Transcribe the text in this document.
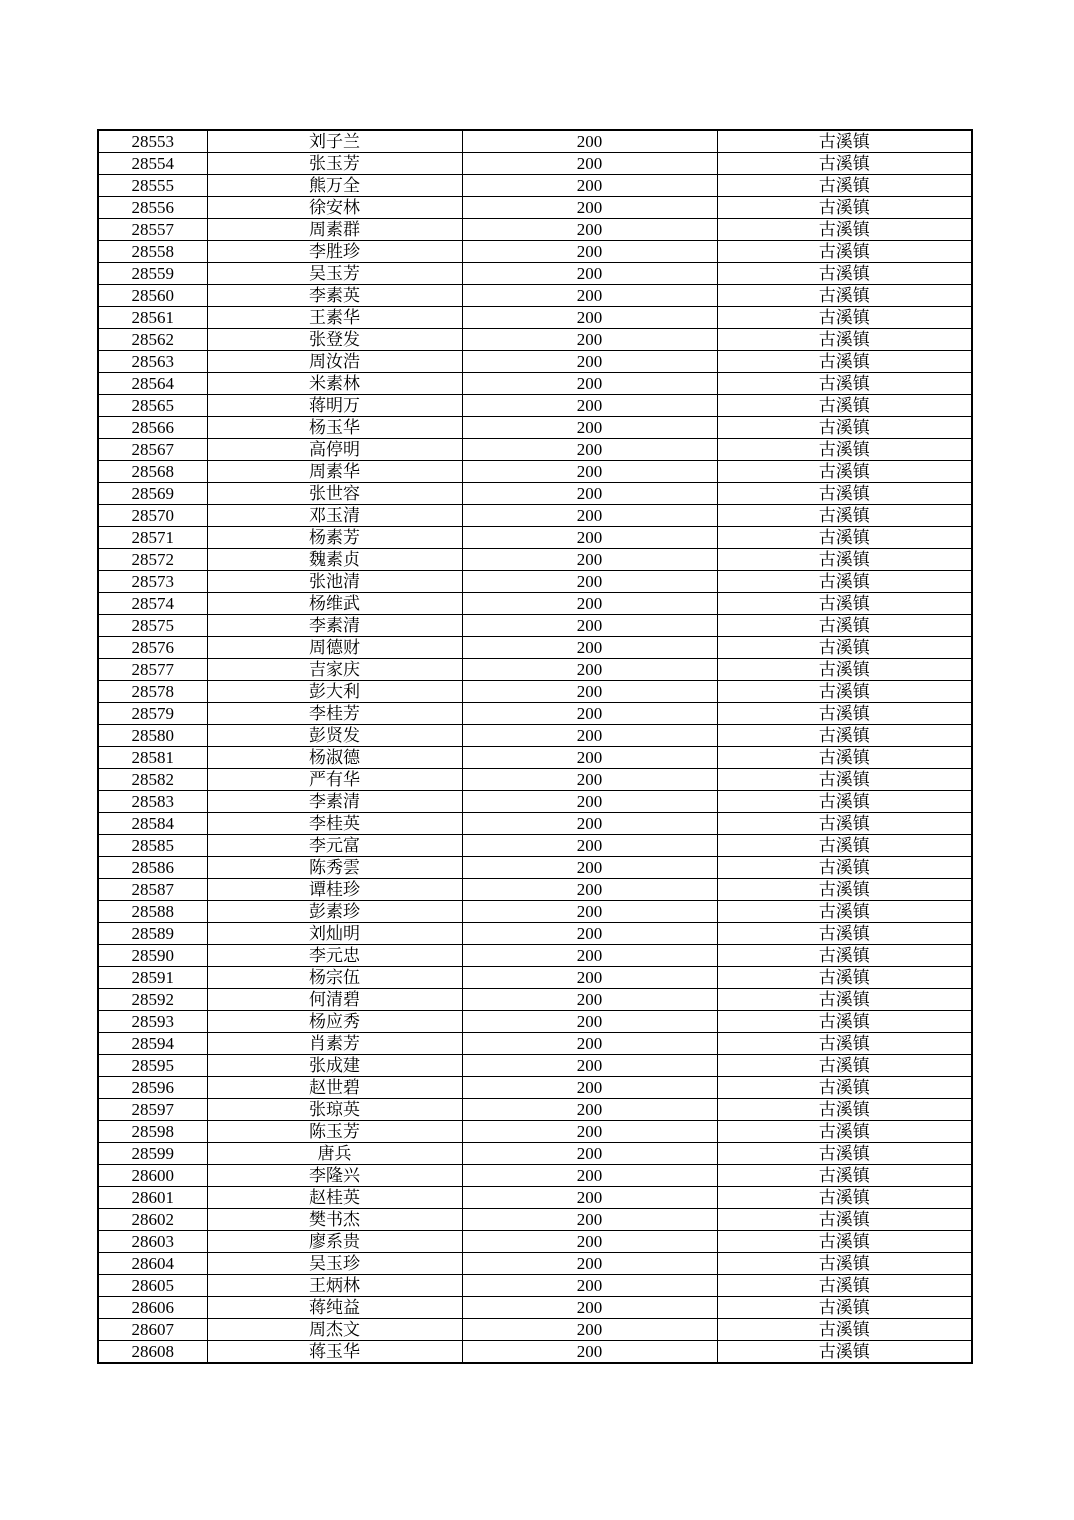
28553	刘子兰	200	古溪镇
28554	张玉芳	200	古溪镇
28555	熊万全	200	古溪镇
28556	徐安林	200	古溪镇
28557	周素群	200	古溪镇
28558	李胜珍	200	古溪镇
28559	吴玉芳	200	古溪镇
28560	李素英	200	古溪镇
28561	王素华	200	古溪镇
28562	张登发	200	古溪镇
28563	周汝浩	200	古溪镇
28564	米素林	200	古溪镇
28565	蒋明万	200	古溪镇
28566	杨玉华	200	古溪镇
28567	高停明	200	古溪镇
28568	周素华	200	古溪镇
28569	张世容	200	古溪镇
28570	邓玉清	200	古溪镇
28571	杨素芳	200	古溪镇
28572	魏素贞	200	古溪镇
28573	张池清	200	古溪镇
28574	杨维武	200	古溪镇
28575	李素清	200	古溪镇
28576	周德财	200	古溪镇
28577	吉家庆	200	古溪镇
28578	彭大利	200	古溪镇
28579	李桂芳	200	古溪镇
28580	彭贤发	200	古溪镇
28581	杨淑德	200	古溪镇
28582	严有华	200	古溪镇
28583	李素清	200	古溪镇
28584	李桂英	200	古溪镇
28585	李元富	200	古溪镇
28586	陈秀雲	200	古溪镇
28587	谭桂珍	200	古溪镇
28588	彭素珍	200	古溪镇
28589	刘灿明	200	古溪镇
28590	李元忠	200	古溪镇
28591	杨宗伍	200	古溪镇
28592	何清碧	200	古溪镇
28593	杨应秀	200	古溪镇
28594	肖素芳	200	古溪镇
28595	张成建	200	古溪镇
28596	赵世碧	200	古溪镇
28597	张琼英	200	古溪镇
28598	陈玉芳	200	古溪镇
28599	唐兵	200	古溪镇
28600	李隆兴	200	古溪镇
28601	赵桂英	200	古溪镇
28602	樊书杰	200	古溪镇
28603	廖系贵	200	古溪镇
28604	吴玉珍	200	古溪镇
28605	王炳林	200	古溪镇
28606	蒋纯益	200	古溪镇
28607	周杰文	200	古溪镇
28608	蒋玉华	200	古溪镇
